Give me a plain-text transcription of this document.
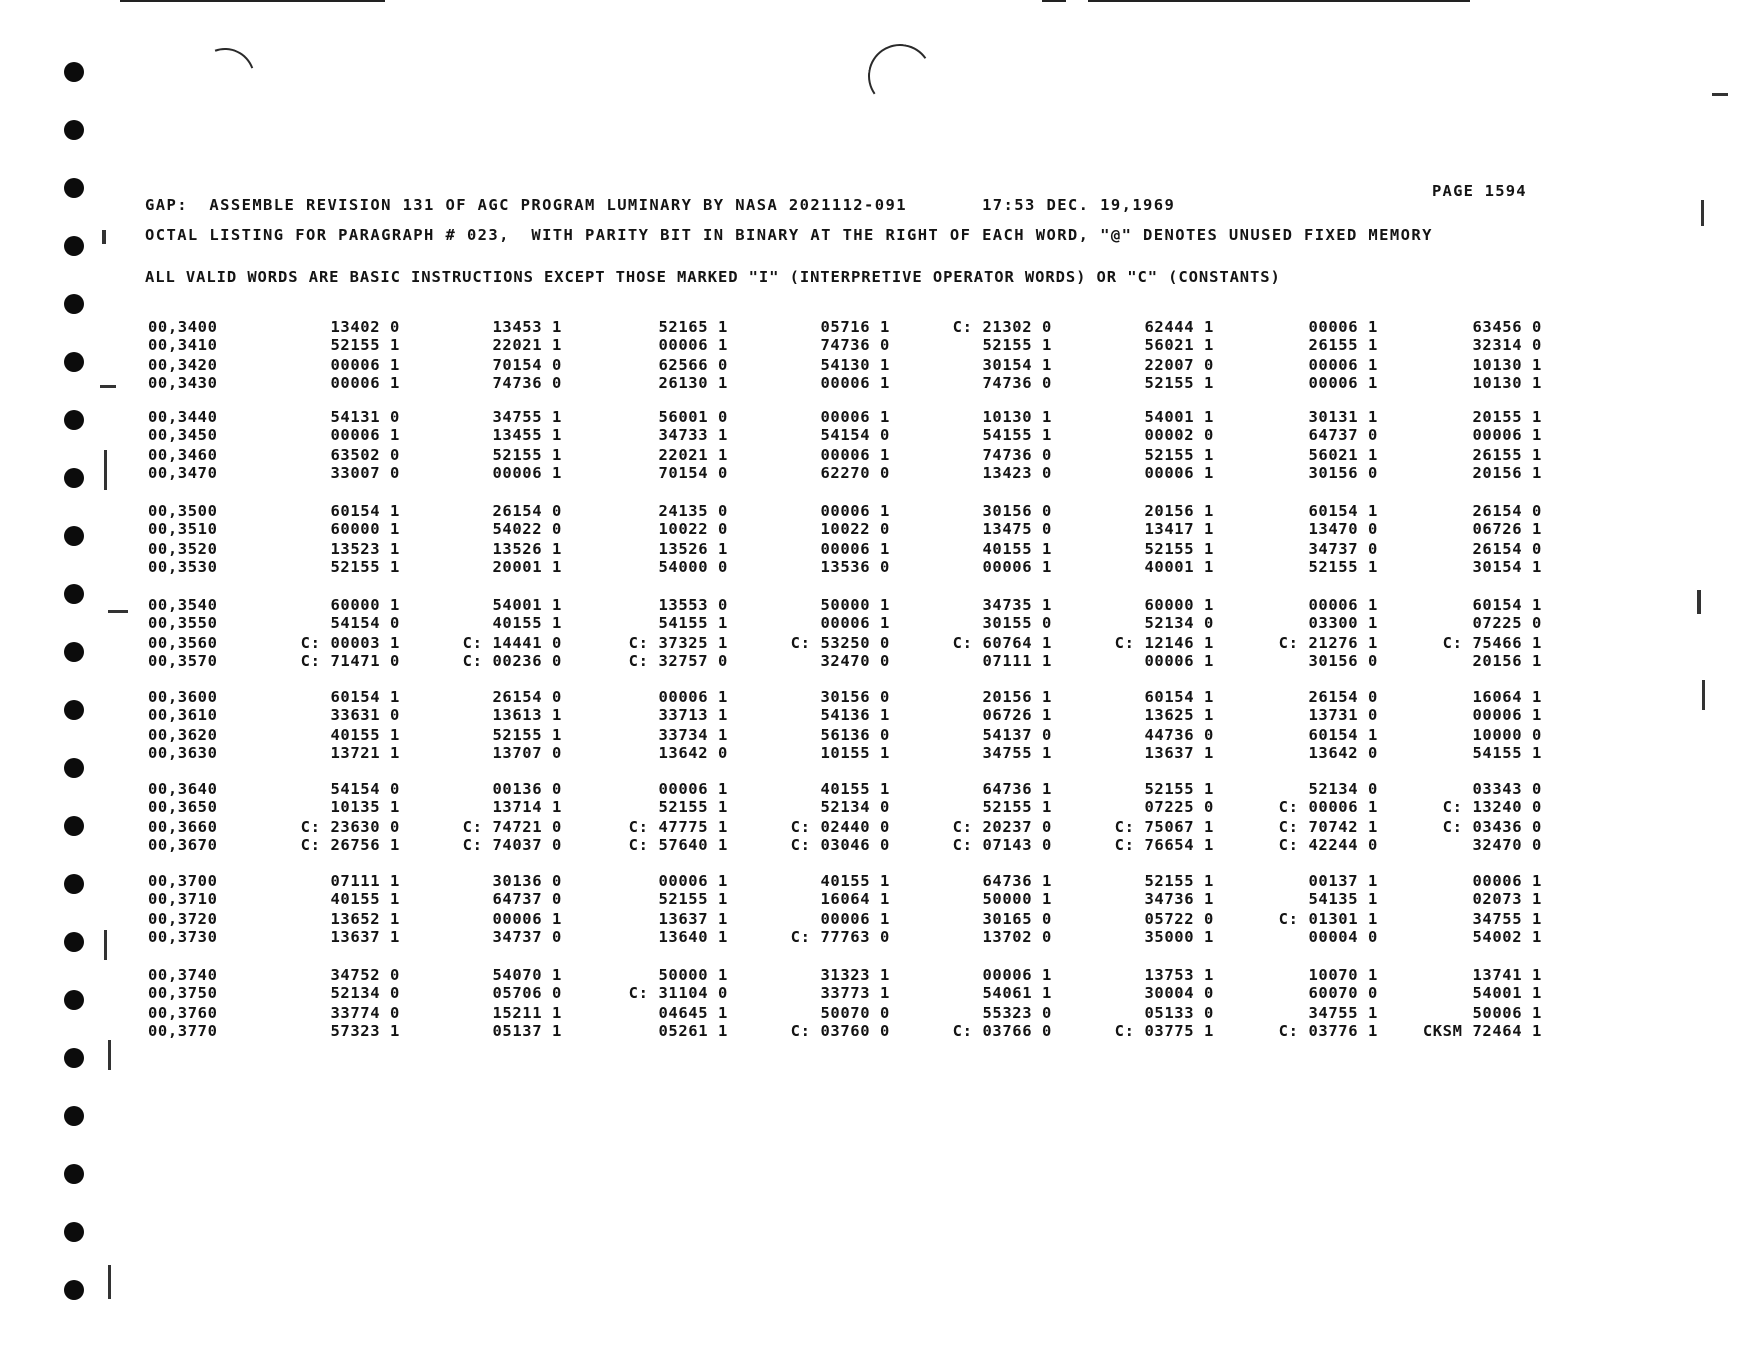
GAP:  ASSEMBLE REVISION 131 OF AGC PROGRAM LUMINARY BY NASA 2021112-091       17:53 DEC. 19,1969
PAGE 1594
OCTAL LISTING FOR PARAGRAPH # 023,  WITH PARITY BIT IN BINARY AT THE RIGHT OF EACH WORD, "@" DENOTES UNUSED FIXED MEMORY
ALL VALID WORDS ARE BASIC INSTRUCTIONS EXCEPT THOSE MARKED "I" (INTERPRETIVE OPERATOR WORDS) OR "C" (CONSTANTS)
00,3400	13402 0	13453 1	52165 1	05716 1	C: 21302 0	62444 1	00006 1	63456 0
00,3410	52155 1	22021 1	00006 1	74736 0	52155 1	56021 1	26155 1	32314 0
00,3420	00006 1	70154 0	62566 0	54130 1	30154 1	22007 0	00006 1	10130 1
00,3430	00006 1	74736 0	26130 1	00006 1	74736 0	52155 1	00006 1	10130 1
00,3440	54131 0	34755 1	56001 0	00006 1	10130 1	54001 1	30131 1	20155 1
00,3450	00006 1	13455 1	34733 1	54154 0	54155 1	00002 0	64737 0	00006 1
00,3460	63502 0	52155 1	22021 1	00006 1	74736 0	52155 1	56021 1	26155 1
00,3470	33007 0	00006 1	70154 0	62270 0	13423 0	00006 1	30156 0	20156 1
00,3500	60154 1	26154 0	24135 0	00006 1	30156 0	20156 1	60154 1	26154 0
00,3510	60000 1	54022 0	10022 0	10022 0	13475 0	13417 1	13470 0	06726 1
00,3520	13523 1	13526 1	13526 1	00006 1	40155 1	52155 1	34737 0	26154 0
00,3530	52155 1	20001 1	54000 0	13536 0	00006 1	40001 1	52155 1	30154 1
00,3540	60000 1	54001 1	13553 0	50000 1	34735 1	60000 1	00006 1	60154 1
00,3550	54154 0	40155 1	54155 1	00006 1	30155 0	52134 0	03300 1	07225 0
00,3560	C: 00003 1	C: 14441 0	C: 37325 1	C: 53250 0	C: 60764 1	C: 12146 1	C: 21276 1	C: 75466 1
00,3570	C: 71471 0	C: 00236 0	C: 32757 0	32470 0	07111 1	00006 1	30156 0	20156 1
00,3600	60154 1	26154 0	00006 1	30156 0	20156 1	60154 1	26154 0	16064 1
00,3610	33631 0	13613 1	33713 1	54136 1	06726 1	13625 1	13731 0	00006 1
00,3620	40155 1	52155 1	33734 1	56136 0	54137 0	44736 0	60154 1	10000 0
00,3630	13721 1	13707 0	13642 0	10155 1	34755 1	13637 1	13642 0	54155 1
00,3640	54154 0	00136 0	00006 1	40155 1	64736 1	52155 1	52134 0	03343 0
00,3650	10135 1	13714 1	52155 1	52134 0	52155 1	07225 0	C: 00006 1	C: 13240 0
00,3660	C: 23630 0	C: 74721 0	C: 47775 1	C: 02440 0	C: 20237 0	C: 75067 1	C: 70742 1	C: 03436 0
00,3670	C: 26756 1	C: 74037 0	C: 57640 1	C: 03046 0	C: 07143 0	C: 76654 1	C: 42244 0	32470 0
00,3700	07111 1	30136 0	00006 1	40155 1	64736 1	52155 1	00137 1	00006 1
00,3710	40155 1	64737 0	52155 1	16064 1	50000 1	34736 1	54135 1	02073 1
00,3720	13652 1	00006 1	13637 1	00006 1	30165 0	05722 0	C: 01301 1	34755 1
00,3730	13637 1	34737 0	13640 1	C: 77763 0	13702 0	35000 1	00004 0	54002 1
00,3740	34752 0	54070 1	50000 1	31323 1	00006 1	13753 1	10070 1	13741 1
00,3750	52134 0	05706 0	C: 31104 0	33773 1	54061 1	30004 0	60070 0	54001 1
00,3760	33774 0	15211 1	04645 1	50070 0	55323 0	05133 0	34755 1	50006 1
00,3770	57323 1	05137 1	05261 1	C: 03760 0	C: 03766 0	C: 03775 1	C: 03776 1	CKSM 72464 1
